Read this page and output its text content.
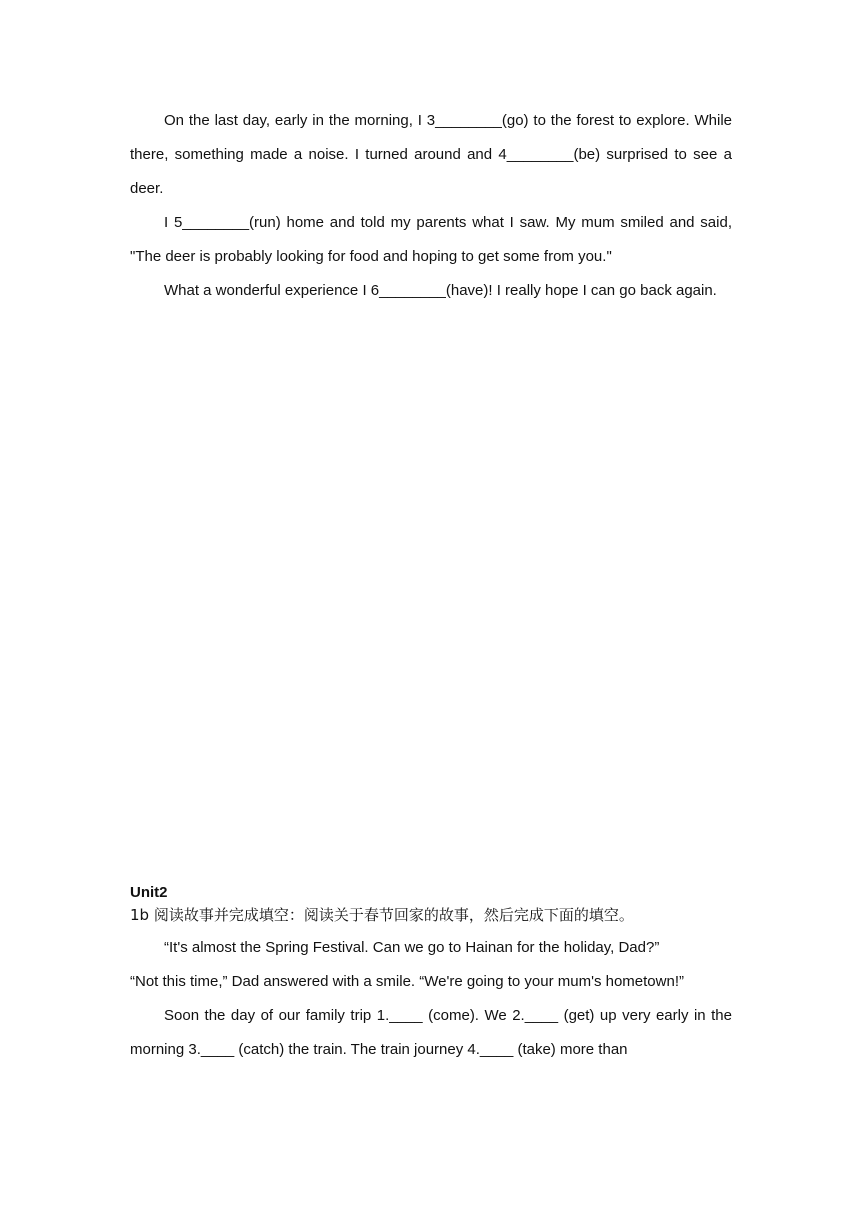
On the last day, early in the morning, I 3________(go) to the forest to explore. While there, something made a noise. I turned around and 4________(be) surprised to see a deer.

I 5________(run) home and told my parents what I saw. My mum smiled and said, "The deer is probably looking for food and hoping to get some from you."

What a wonderful experience I 6________(have)! I really hope I can go back again.

Unit2

1b 阅读故事并完成填空：阅读关于春节回家的故事，然后完成下面的填空。

“It's almost the Spring Festival. Can we go to Hainan for the holiday, Dad?”

“Not this time,” Dad answered with a smile. “We're going to your mum's hometown!”

Soon the day of our family trip 1.____ (come). We 2.____ (get) up very early in the morning 3.____ (catch) the train. The train journey 4.____ (take) more than
